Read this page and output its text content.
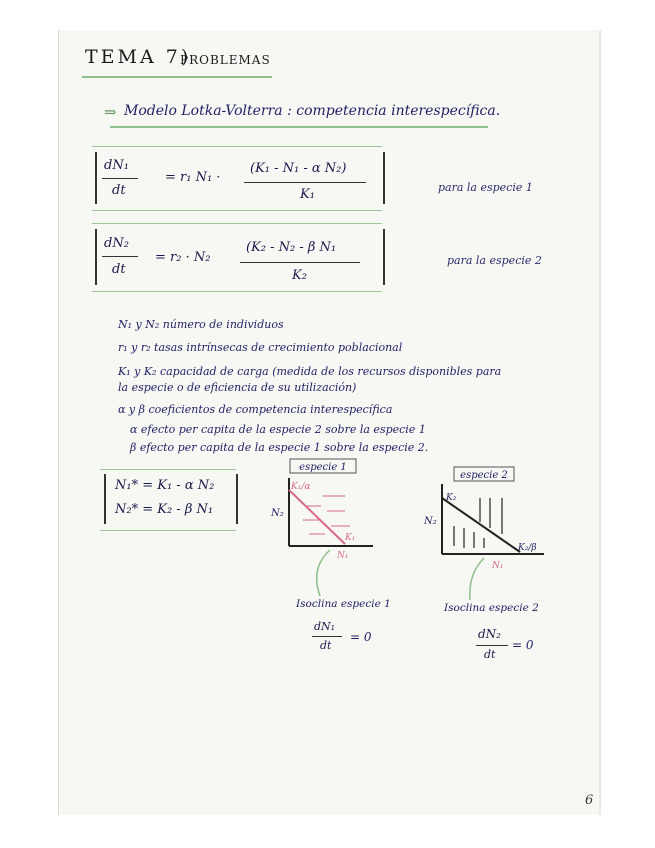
TEMA 7)
PROBLEMAS
⇒ Modelo Lotka-Volterra : competencia interespecífica.
dN₁
dt
= r₁ N₁ ·
(K₁ - N₁ - α N₂)
K₁	para la especie 1
dN₂
dt
= r₂ · N₂
(K₂ - N₂ - β N₁
K₂
para la especie 2
N₁ y N₂ número de individuos
r₁ y r₂ tasas intrínsecas de crecimiento poblacional
K₁ y K₂ capacidad de carga (medida de los recursos disponibles para
la especie o de eficiencia de su utilización)
α y β coeficientos de competencia interespecífica
α efecto per capita de la especie 2 sobre la especie 1
β efecto per capita de la especie 1 sobre la especie 2.
N₁* = K₁ - α N₂
N₂* = K₂ - β N₁
especie 1
K₁/α
K₁
N₂
N₁
Isoclina especie 1
dN₁
dt
= 0
especie 2
K₂
K₂/β
N₂
N₁
Isoclina especie 2
dN₂
dt
= 0
6
